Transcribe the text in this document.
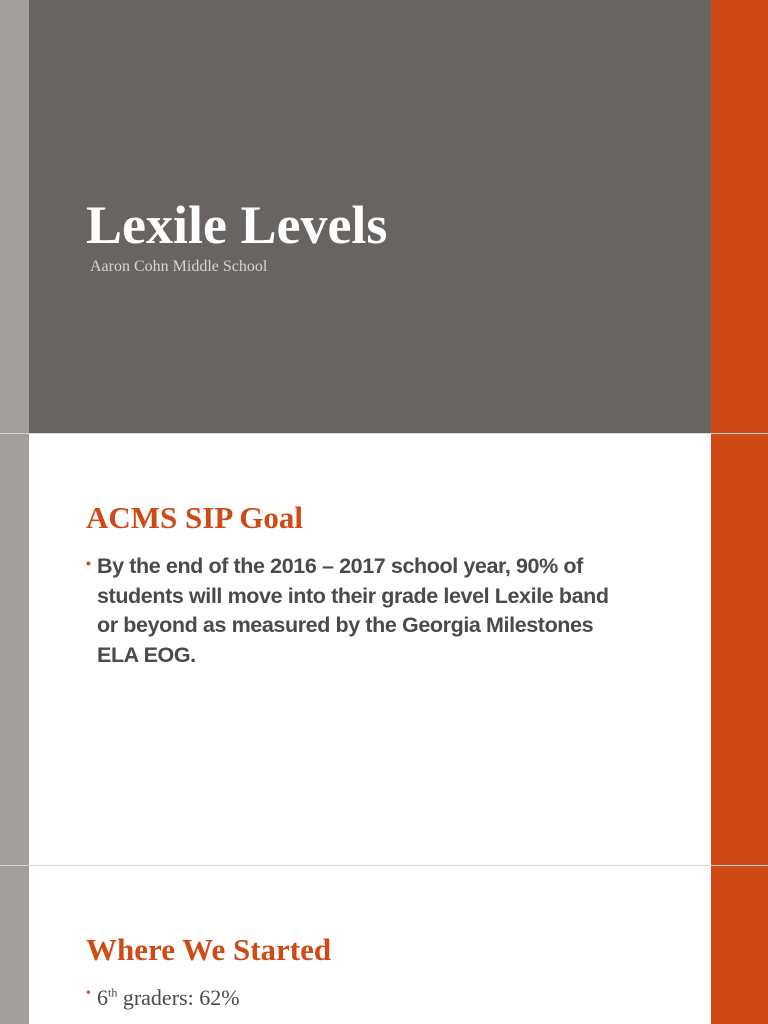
Lexile Levels

Aaron Cohn Middle School

ACMS SIP Goal
• By the end of the 2016 – 2017 school year, 90% of students will move into their grade level Lexile band or beyond as measured by the Georgia Milestones ELA EOG.
Where We Started
• 6th graders: 62%
